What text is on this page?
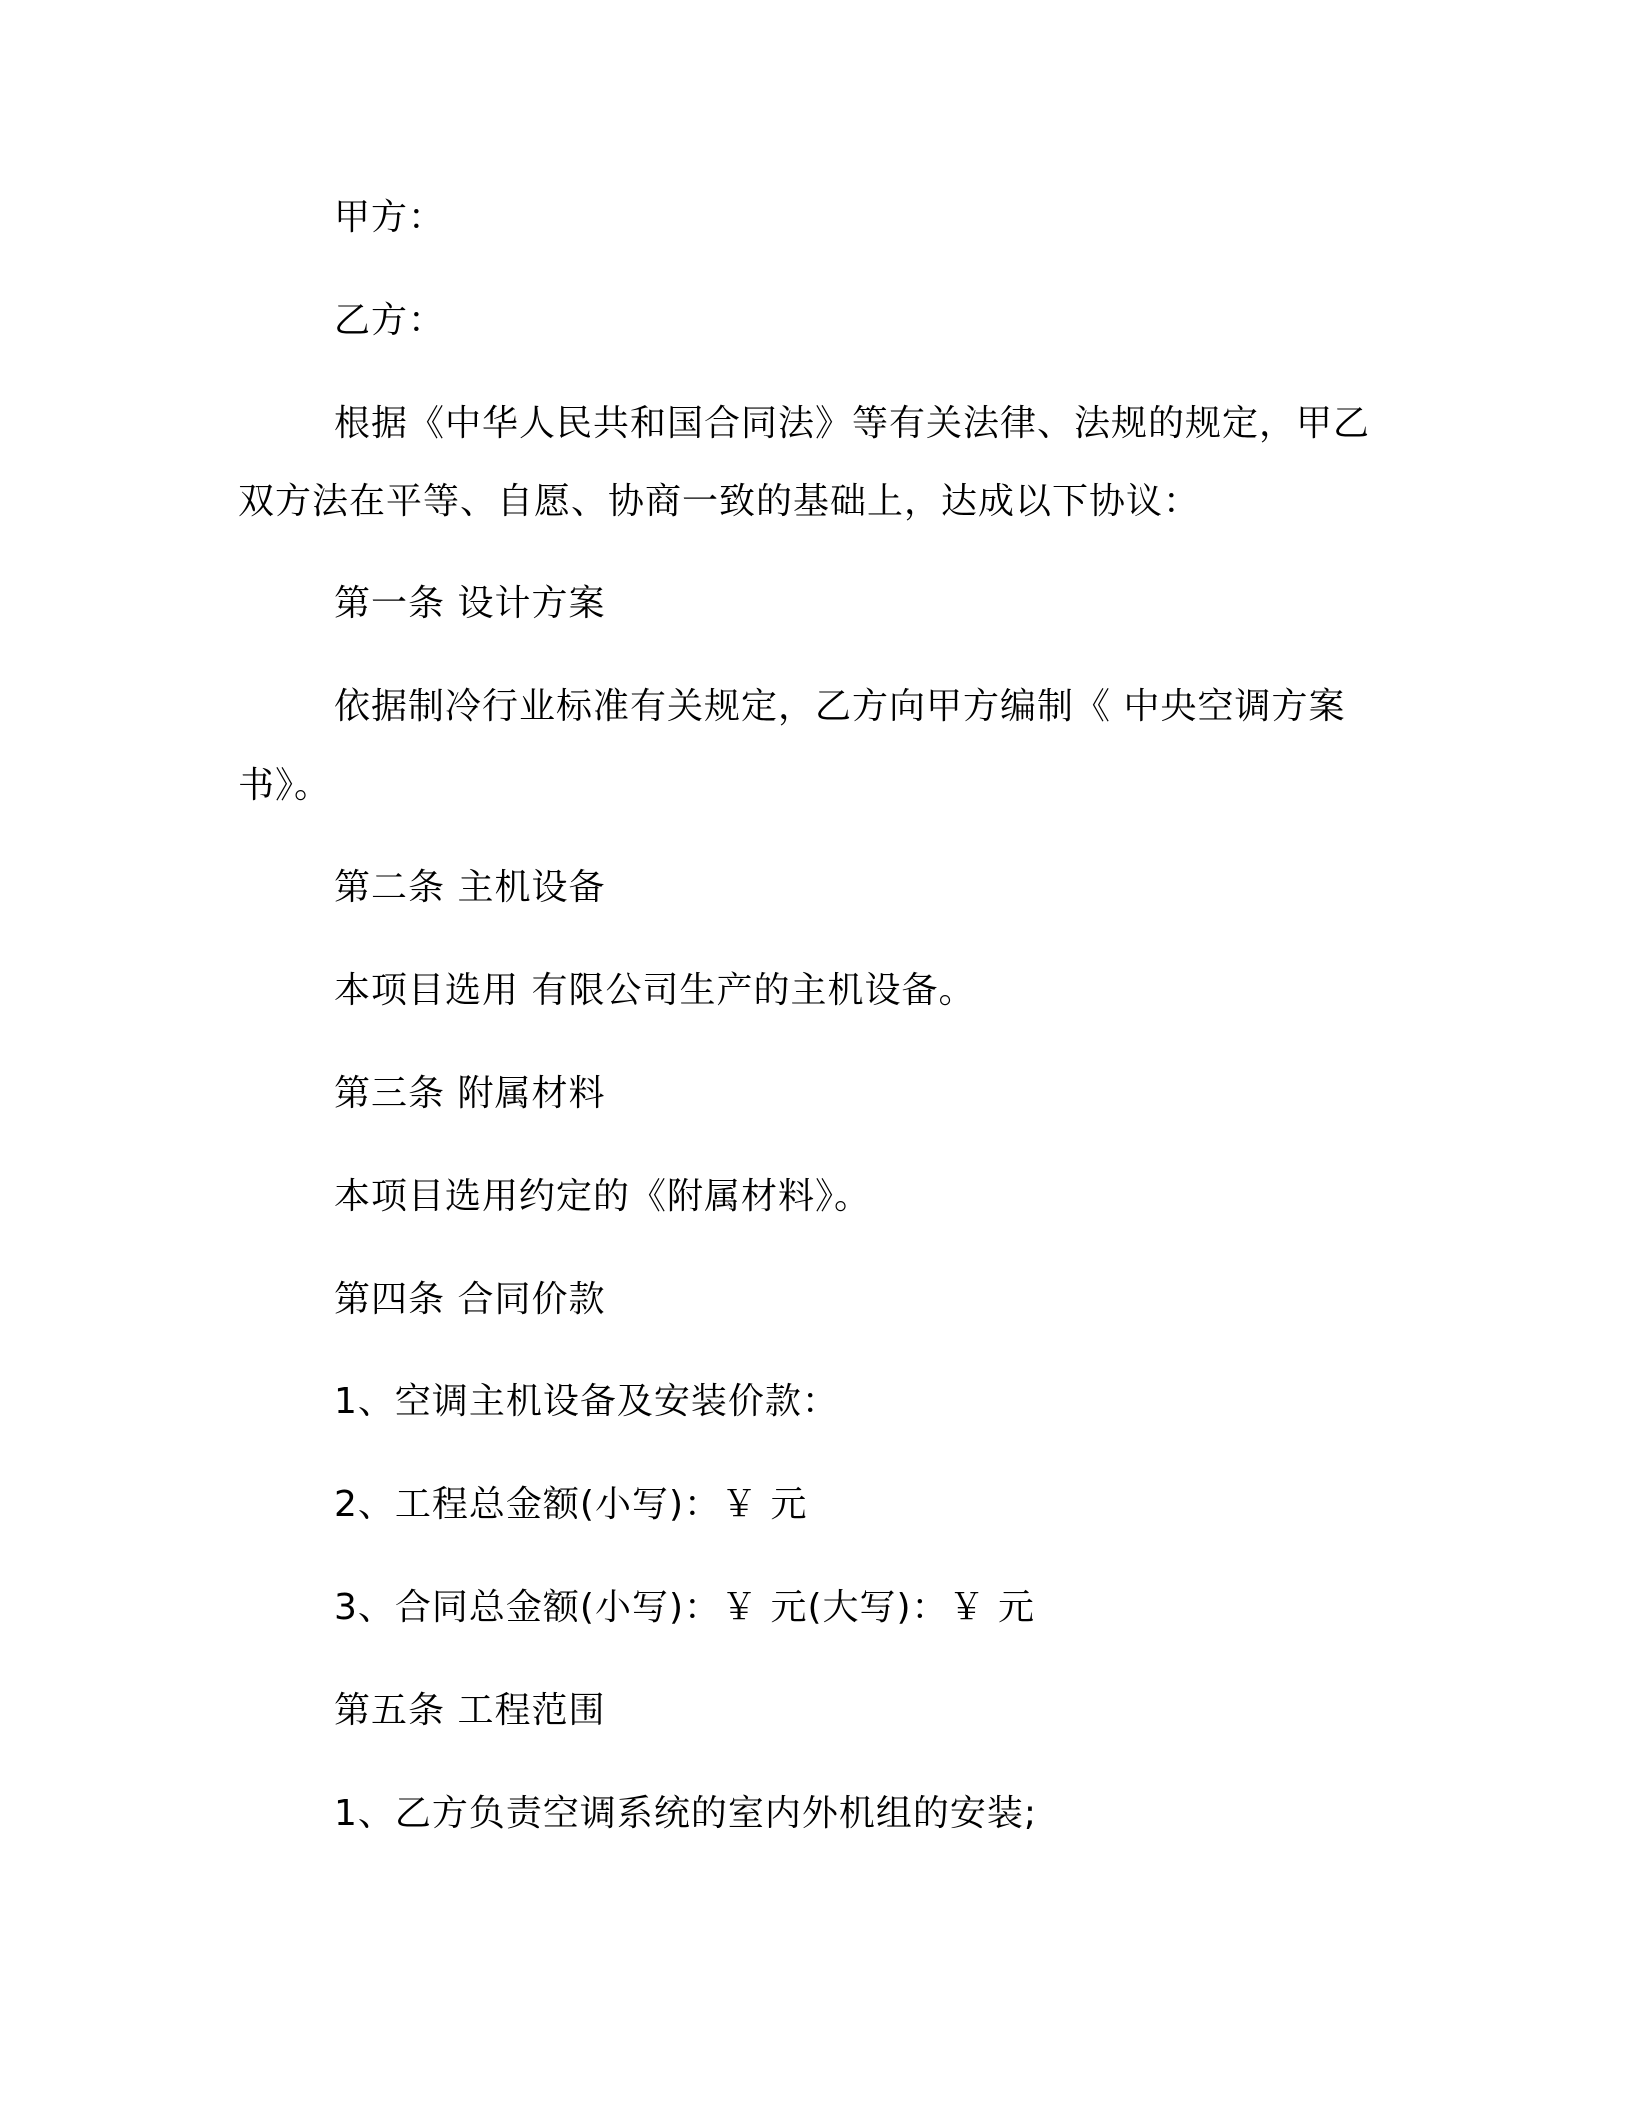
甲方：
乙方：
根据《中华人民共和国合同法》等有关法律、法规的规定，甲乙
双方法在平等、自愿、协商一致的基础上，达成以下协议：
第一条 设计方案
依据制冷行业标准有关规定，乙方向甲方编制《 中央空调方案
书》。
第二条 主机设备
本项目选用 有限公司生产的主机设备。
第三条 附属材料
本项目选用约定的《附属材料》。
第四条 合同价款
1、空调主机设备及安装价款：
2、工程总金额(小写)：￥ 元
3、合同总金额(小写)：￥ 元(大写)：￥ 元
第五条 工程范围
1、乙方负责空调系统的室内外机组的安装;
